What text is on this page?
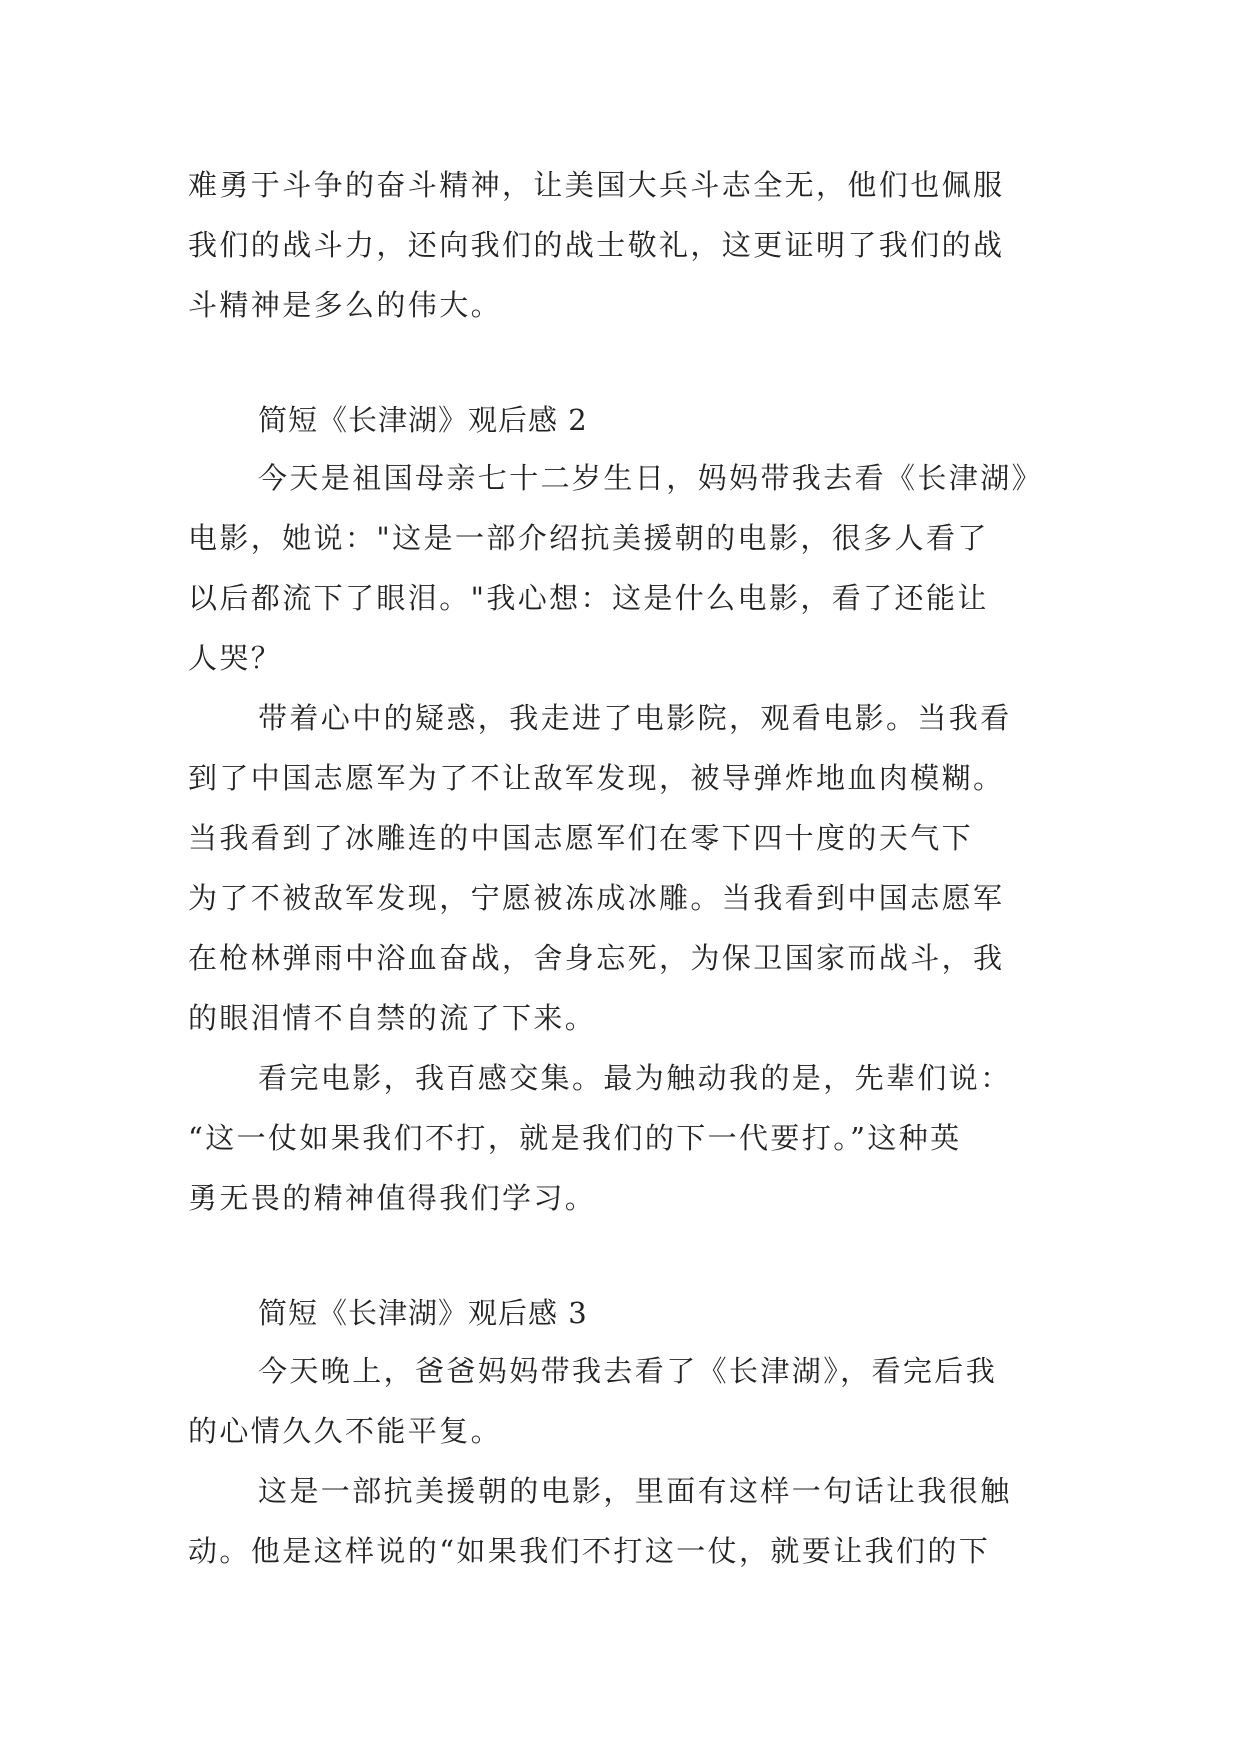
难勇于斗争的奋斗精神，让美国大兵斗志全无，他们也佩服
我们的战斗力，还向我们的战士敬礼，这更证明了我们的战
斗精神是多么的伟大。
简短《长津湖》观后感 2
今天是祖国母亲七十二岁生日，妈妈带我去看《长津湖》
电影，她说："这是一部介绍抗美援朝的电影，很多人看了
以后都流下了眼泪。"我心想：这是什么电影，看了还能让
人哭？
带着心中的疑惑，我走进了电影院，观看电影。当我看
到了中国志愿军为了不让敌军发现，被导弹炸地血肉模糊。
当我看到了冰雕连的中国志愿军们在零下四十度的天气下
为了不被敌军发现，宁愿被冻成冰雕。当我看到中国志愿军
在枪林弹雨中浴血奋战，舍身忘死，为保卫国家而战斗，我
的眼泪情不自禁的流了下来。
看完电影，我百感交集。最为触动我的是，先辈们说：
“这一仗如果我们不打，就是我们的下一代要打。”这种英
勇无畏的精神值得我们学习。
简短《长津湖》观后感 3
今天晚上，爸爸妈妈带我去看了《长津湖》，看完后我
的心情久久不能平复。
这是一部抗美援朝的电影，里面有这样一句话让我很触
动。他是这样说的“如果我们不打这一仗，就要让我们的下
